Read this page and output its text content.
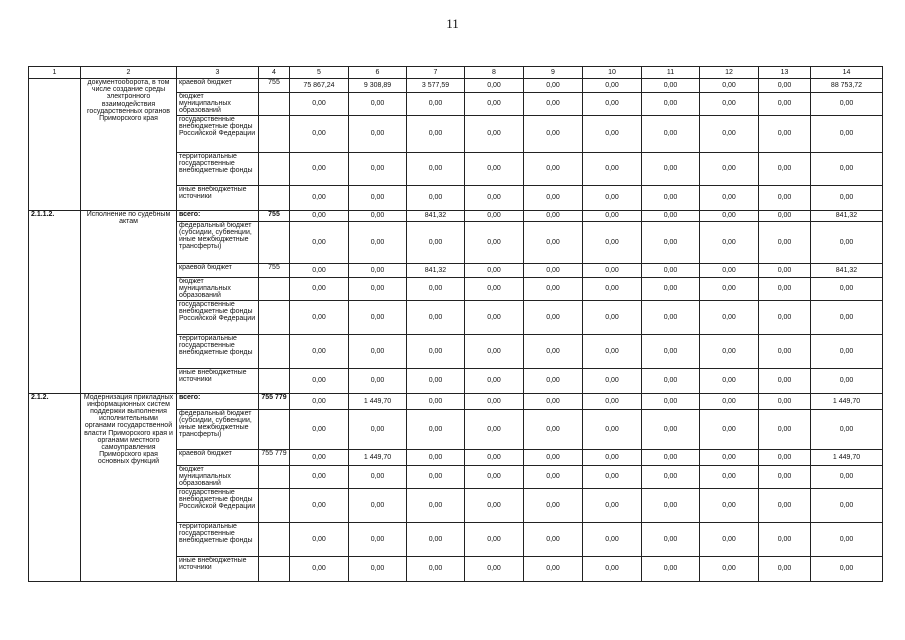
11
1	2	3	4	5	6	7	8	9	10	11	12	13	14
	документооборота, в том числе создание среды электронного взаимодействия государственных органов Приморского края	краевой бюджет	755	75 867,24	9 308,89	3 577,59	0,00	0,00	0,00	0,00	0,00	0,00	88 753,72
		бюджет муниципальных образований		0,00	0,00	0,00	0,00	0,00	0,00	0,00	0,00	0,00	0,00
		государственные внебюджетные фонды Российской Федерации		0,00	0,00	0,00	0,00	0,00	0,00	0,00	0,00	0,00	0,00
		территориальные государственные внебюджетные фонды		0,00	0,00	0,00	0,00	0,00	0,00	0,00	0,00	0,00	0,00
		иные внебюджетные источники		0,00	0,00	0,00	0,00	0,00	0,00	0,00	0,00	0,00	0,00
2.1.1.2.	Исполнение по судебным актам	всего:	755	0,00	0,00	841,32	0,00	0,00	0,00	0,00	0,00	0,00	841,32
		федеральный бюджет (субсидии, субвенции, иные межбюджетные трансферты)		0,00	0,00	0,00	0,00	0,00	0,00	0,00	0,00	0,00	0,00
		краевой бюджет	755	0,00	0,00	841,32	0,00	0,00	0,00	0,00	0,00	0,00	841,32
		бюджет муниципальных образований		0,00	0,00	0,00	0,00	0,00	0,00	0,00	0,00	0,00	0,00
		государственные внебюджетные фонды Российской Федерации		0,00	0,00	0,00	0,00	0,00	0,00	0,00	0,00	0,00	0,00
		территориальные государственные внебюджетные фонды		0,00	0,00	0,00	0,00	0,00	0,00	0,00	0,00	0,00	0,00
		иные внебюджетные источники		0,00	0,00	0,00	0,00	0,00	0,00	0,00	0,00	0,00	0,00
2.1.2.	Модернизация прикладных информационных систем поддержки выполнения исполнительными органами государственной власти Приморского края и органами местного самоуправления Приморского края основных функций	всего:	755 779	0,00	1 449,70	0,00	0,00	0,00	0,00	0,00	0,00	0,00	1 449,70
		федеральный бюджет (субсидии, субвенции, иные межбюджетные трансферты)		0,00	0,00	0,00	0,00	0,00	0,00	0,00	0,00	0,00	0,00
		краевой бюджет	755 779	0,00	1 449,70	0,00	0,00	0,00	0,00	0,00	0,00	0,00	1 449,70
		бюджет муниципальных образований		0,00	0,00	0,00	0,00	0,00	0,00	0,00	0,00	0,00	0,00
		государственные внебюджетные фонды Российской Федерации		0,00	0,00	0,00	0,00	0,00	0,00	0,00	0,00	0,00	0,00
		территориальные государственные внебюджетные фонды		0,00	0,00	0,00	0,00	0,00	0,00	0,00	0,00	0,00	0,00
		иные внебюджетные источники		0,00	0,00	0,00	0,00	0,00	0,00	0,00	0,00	0,00	0,00
